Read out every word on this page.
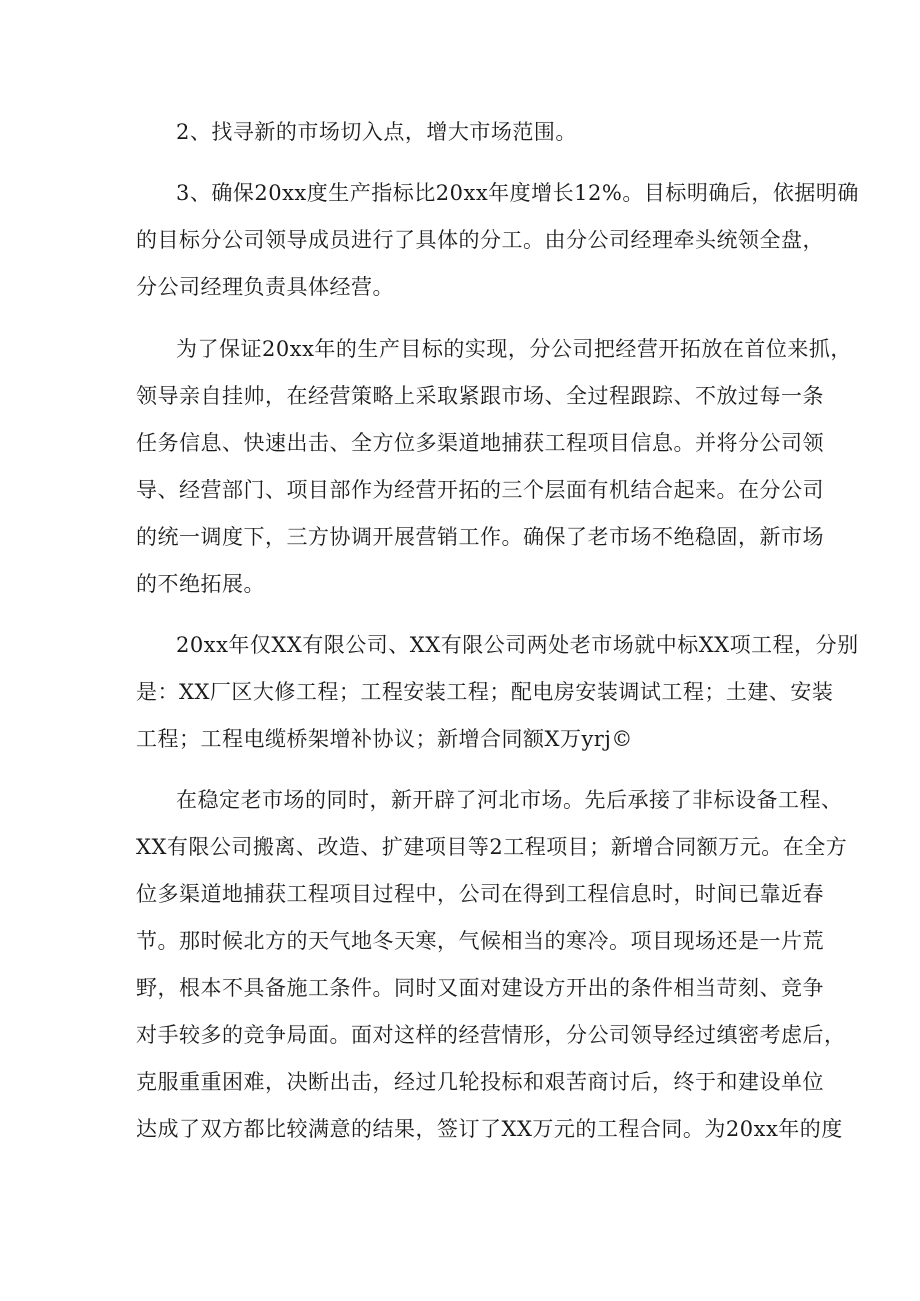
2、找寻新的市场切入点，增大市场范围。
3、确保20xx度生产指标比20xx年度增长12%。目标明确后，依据明确
的目标分公司领导成员进行了具体的分工。由分公司经理牵头统领全盘，
分公司经理负责具体经营。
为了保证20xx年的生产目标的实现，分公司把经营开拓放在首位来抓，
领导亲自挂帅，在经营策略上采取紧跟市场、全过程跟踪、不放过每一条
任务信息、快速出击、全方位多渠道地捕获工程项目信息。并将分公司领
导、经营部门、项目部作为经营开拓的三个层面有机结合起来。在分公司
的统一调度下，三方协调开展营销工作。确保了老市场不绝稳固，新市场
的不绝拓展。
20xx年仅XX有限公司、XX有限公司两处老市场就中标XX项工程，分别
是：XX厂区大修工程；工程安装工程；配电房安装调试工程；土建、安装
工程；工程电缆桥架增补协议；新增合同额X万yrj©
在稳定老市场的同时，新开辟了河北市场。先后承接了非标设备工程、
XX有限公司搬离、改造、扩建项目等2工程项目；新增合同额万元。在全方
位多渠道地捕获工程项目过程中，公司在得到工程信息时，时间已靠近春
节。那时候北方的天气地冬天寒，气候相当的寒冷。项目现场还是一片荒
野，根本不具备施工条件。同时又面对建设方开出的条件相当苛刻、竞争
对手较多的竞争局面。面对这样的经营情形，分公司领导经过缜密考虑后，
克服重重困难，决断出击，经过几轮投标和艰苦商讨后，终于和建设单位
达成了双方都比较满意的结果，签订了XX万元的工程合同。为20xx年的度
